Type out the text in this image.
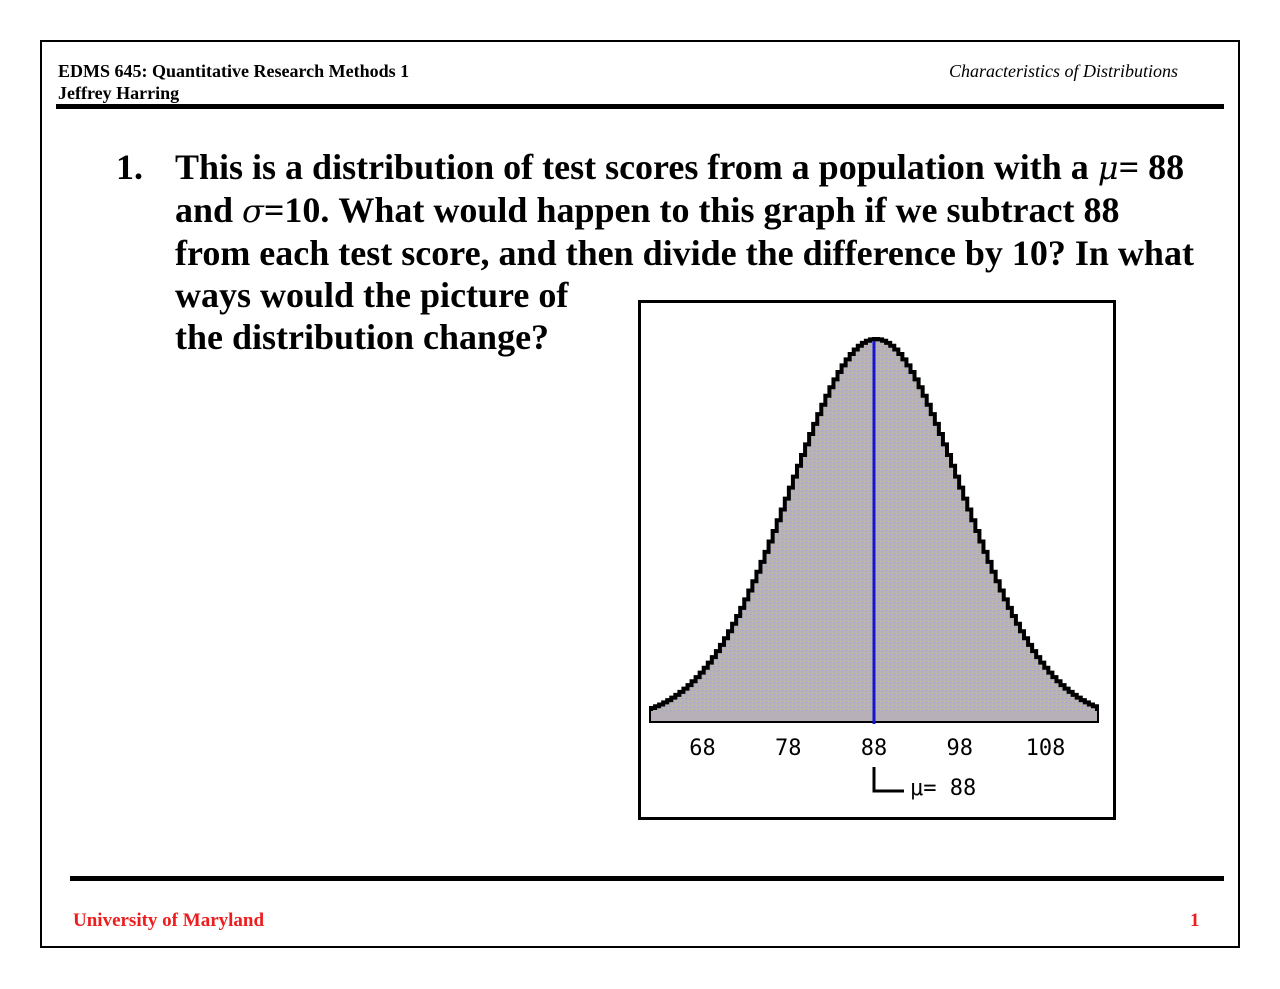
EDMS 645: Quantitative Research Methods 1
Jeffrey Harring
Characteristics of Distributions
1. This is a distribution of test scores from a population with a μ= 88
and σ=10. What would happen to this graph if we subtract 88
from each test score, and then divide the difference by 10? In what
ways would the picture of
the distribution change?
68	78	88	98 108
μ= 88
University of Maryland	1
